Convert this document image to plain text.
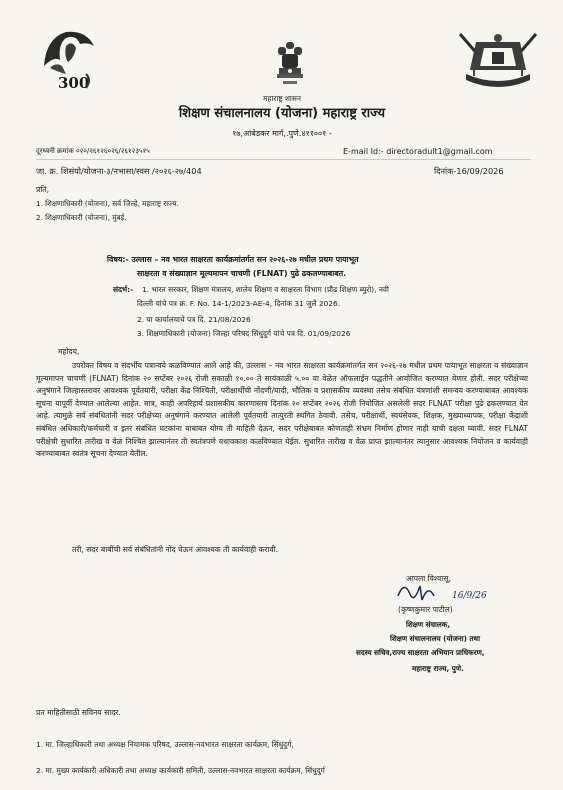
300
महाराष्ट्र शासन
शिक्षण संचालनालय (योजना) महाराष्ट्र राज्य
१७,आंबेडकर मार्ग,.पुणे.४११००१ -
दूरध्वनी क्रमांक ०२०/२६१२६०२६/२६१२३५१५	E-mail Id:- directoradult1@gmail.com
जा. क्र. शिसंयो/योजना-३/नभासा/स्वस /२०२६-२७/404	दिनांक-16/09/2026
प्रति,
1. शिक्षणाधिकारी (योजना), सर्व जिल्हे, महाराष्ट्र राज्य.
2. शिक्षणाधिकारी (योजना), मुंबई.
विषय:- उल्लास – नव भारत साक्षरता कार्यक्रमांतर्गत सन २०२६-२७ मधील प्रथम पायाभूत
साक्षरता व संख्याज्ञान मूल्यमापन चाचणी (FLNAT) पुढे ढकलण्याबाबत.
संदर्भ:- 1. भारत सरकार, शिक्षण मंत्रालय, शालेय शिक्षण व साक्षरता विभाग (प्रौढ शिक्षण ब्युरो), नवी
दिल्ली यांचे पत्र क्र. F. No. 14-1/2023-AE-4, दिनांक 31 जुलै 2026.
2. या कार्यालयाचे पत्र दि. 21/08/2026
3. शिक्षणाधिकारी (योजना) जिल्हा परिषद सिंधुदुर्ग यांचे पत्र दि. 01/09/2026
महोदय,
उपरोक्त विषय व संदर्भीय पत्रान्वये कळविण्यात आले आहे की, उल्लास – नव भारत साक्षरता कार्यक्रमांतर्गत सन २०२६-२७ मधील प्रथम पायाभूत साक्षरता व संख्याज्ञान मूल्यमापन चाचणी (FLNAT) दिनांक २० सप्टेंबर २०२६ रोजी सकाळी १०.०० ते सायंकाळी ५.०० या वेळेत ऑफलाईन पद्धतीने आयोजित करण्यात येणार होती. सदर परीक्षेच्या अनुषंगाने जिल्हास्तरावर आवश्यक पूर्वतयारी, परीक्षा केंद्र निश्चिती, परीक्षार्थींची नोंदणी/यादी, भौतिक व प्रशासकीय व्यवस्था तसेच संबंधित यंत्रणांशी समन्वय करण्याबाबत आवश्यक सूचना यापूर्वी देण्यात आलेल्या आहेत. मात्र, काही अपरिहार्य प्रशासकीय कारणास्तव दिनांक २० सप्टेंबर २०२६ रोजी नियोजित असलेली सदर FLNAT परीक्षा पुढे ढकलण्यात येत आहे. त्यामुळे सर्व संबंधितांनी सदर परीक्षेच्या अनुषंगाने करण्यात आलेली पूर्वतयारी तात्पुरती स्थगित ठेवावी. तसेच, परीक्षार्थी, स्वयंसेवक, शिक्षक, मुख्याध्यापक, परीक्षा केंद्राशी संबंधित अधिकारी/कर्मचारी व इतर संबंधित घटकांना याबाबत योग्य ती माहिती देऊन, सदर परीक्षेबाबत कोणताही संभ्रम निर्माण होणार नाही याची दक्षता घ्यावी. सदर FLNAT परीक्षेची सुधारित तारीख व वेळ निश्चित झाल्यानंतर ती स्वतंत्रपणे यथावकाश कळविण्यात येईल. सुधारित तारीख व वेळ प्राप्त झाल्यानंतर त्यानुसार आवश्यक नियोजन व कार्यवाही करण्याबाबत स्वतंत्र सूचना देण्यात येतील.
तरी, सदर बाबींची सर्व संबंधितांनी नोंद घेऊन आवश्यक ती कार्यवाही करावी.
आपला विश्वासू,
16/9/26
(कृष्णकुमार पाटील)
शिक्षण संचालक,
शिक्षण संचालनालय (योजना) तथा
सदस्य सचिव,राज्य साक्षरता अभियान प्राधिकरण,
महाराष्ट्र राज्य, पुणे.
प्रत माहितीसाठी सविनय सादर.
1. मा. जिल्हाधिकारी तथा अध्यक्ष नियामक परिषद, उल्लास-नवभारत साक्षरता कार्यक्रम, सिंधुदुर्ग,
2. मा. मुख्य कार्यकारी अधिकारी तथा अध्यक्ष कार्यकारी समिती, उल्लास-नवभारत साक्षरता कार्यक्रम, सिंधुदुर्ग
